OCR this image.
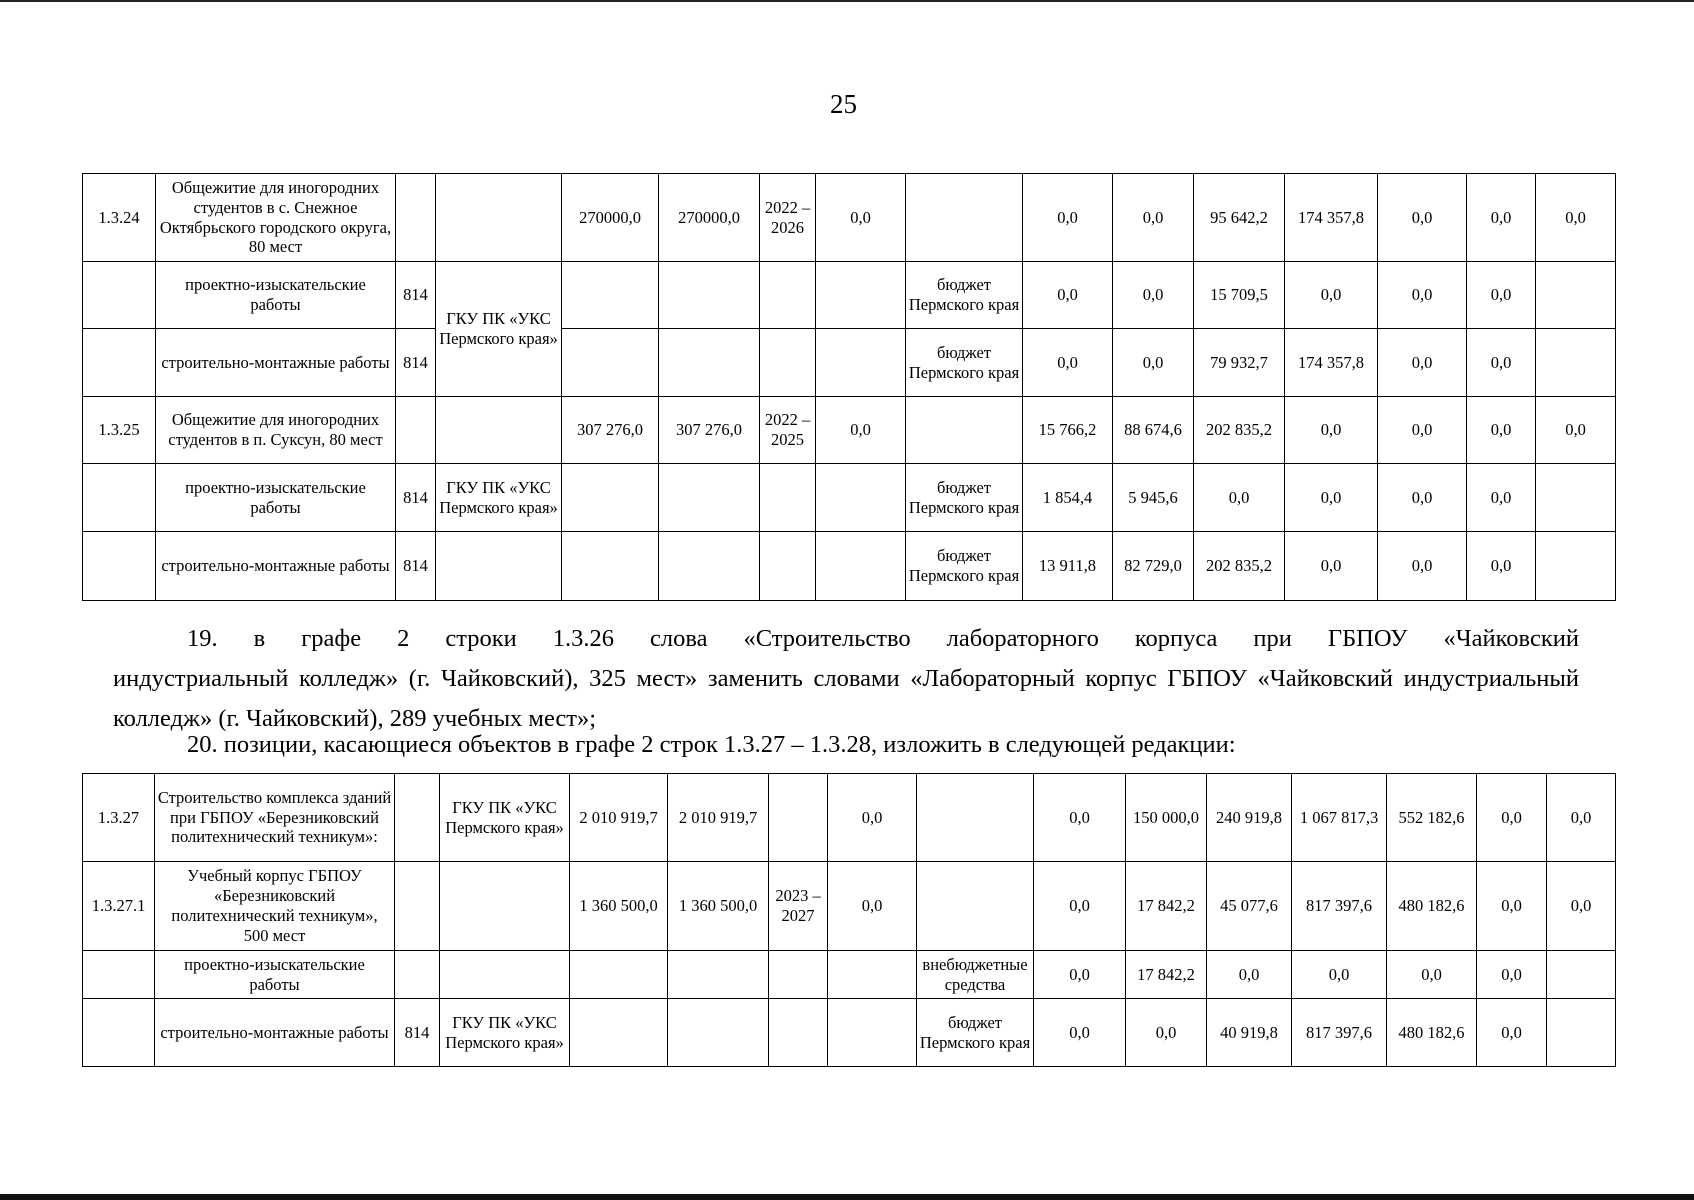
25
1.3.24	Общежитие для иногородних студентов в с. Снежное Октябрьского городского округа, 80 мест			270000,0	270000,0	2022 – 2026	0,0		0,0	0,0	95 642,2	174 357,8	0,0	0,0	0,0
	проектно-изыскательские работы	814	ГКУ ПК «УКС Пермского края»					бюджет Пермского края	0,0	0,0	15 709,5	0,0	0,0	0,0	
	строительно-монтажные работы	814						бюджет Пермского края	0,0	0,0	79 932,7	174 357,8	0,0	0,0	
1.3.25	Общежитие для иногородних студентов в п. Суксун, 80 мест			307 276,0	307 276,0	2022 – 2025	0,0		15 766,2	88 674,6	202 835,2	0,0	0,0	0,0	0,0
	проектно-изыскательские работы	814	ГКУ ПК «УКС Пермского края»					бюджет Пермского края	1 854,4	5 945,6	0,0	0,0	0,0	0,0	
	строительно-монтажные работы	814						бюджет Пермского края	13 911,8	82 729,0	202 835,2	0,0	0,0	0,0	
19. в графе 2 строки 1.3.26 слова «Строительство лабораторного корпуса при ГБПОУ «Чайковский
индустриальный колледж» (г. Чайковский), 325 мест» заменить словами «Лабораторный корпус ГБПОУ «Чайковский индустриальный колледж» (г. Чайковский), 289 учебных мест»;
20. позиции, касающиеся объектов в графе 2 строк 1.3.27 – 1.3.28, изложить в следующей редакции:
1.3.27	Строительство комплекса зданий при ГБПОУ «Березниковский политехнический техникум»:		ГКУ ПК «УКС Пермского края»	2 010 919,7	2 010 919,7		0,0		0,0	150 000,0	240 919,8	1 067 817,3	552 182,6	0,0	0,0
1.3.27.1	Учебный корпус ГБПОУ «Березниковский политехнический техникум», 500 мест			1 360 500,0	1 360 500,0	2023 – 2027	0,0		0,0	17 842,2	45 077,6	817 397,6	480 182,6	0,0	0,0
	проектно-изыскательские работы							внебюджетные средства	0,0	17 842,2	0,0	0,0	0,0	0,0	
	строительно-монтажные работы	814	ГКУ ПК «УКС Пермского края»					бюджет Пермского края	0,0	0,0	40 919,8	817 397,6	480 182,6	0,0	
